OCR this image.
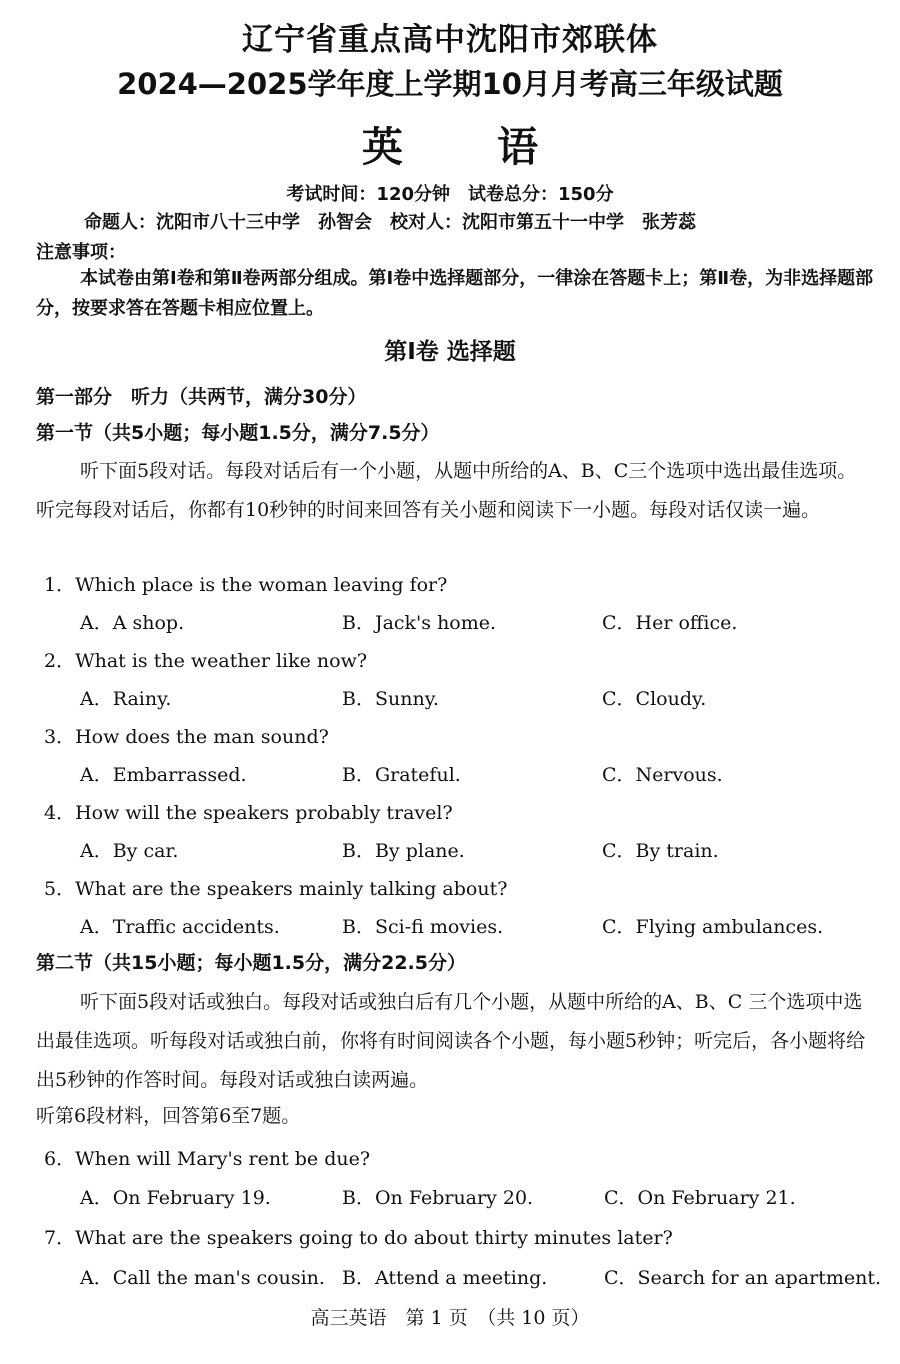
辽宁省重点高中沈阳市郊联体
2024—2025学年度上学期10月月考高三年级试题
英 语
考试时间：120分钟　试卷总分：150分
命题人：沈阳市八十三中学　孙智会　校对人：沈阳市第五十一中学　张芳蕊
注意事项：
本试卷由第Ⅰ卷和第Ⅱ卷两部分组成。第Ⅰ卷中选择题部分，一律涂在答题卡上；第Ⅱ卷，为非选择题部分，按要求答在答题卡相应位置上。
第Ⅰ卷 选择题
第一部分　听力（共两节，满分30分）
第一节（共5小题；每小题1.5分，满分7.5分）
听下面5段对话。每段对话后有一个小题，从题中所给的A、B、C三个选项中选出最佳选项。听完每段对话后，你都有10秒钟的时间来回答有关小题和阅读下一小题。每段对话仅读一遍。
1．Which place is the woman leaving for?
A．A shop.	B．Jack's home.	C．Her office.
2．What is the weather like now?
A．Rainy.	B．Sunny.	C．Cloudy.
3．How does the man sound?
A．Embarrassed.	B．Grateful.	C．Nervous.
4．How will the speakers probably travel?
A．By car.	B．By plane.	C．By train.
5．What are the speakers mainly talking about?
A．Traffic accidents.	B．Sci-fi movies.	C．Flying ambulances.
第二节（共15小题；每小题1.5分，满分22.5分）
听下面5段对话或独白。每段对话或独白后有几个小题，从题中所给的A、B、C 三个选项中选出最佳选项。听每段对话或独白前，你将有时间阅读各个小题，每小题5秒钟；听完后，各小题将给出5秒钟的作答时间。每段对话或独白读两遍。
听第6段材料，回答第6至7题。
6．When will Mary's rent be due?
A．On February 19.	B．On February 20.	C．On February 21.
7．What are the speakers going to do about thirty minutes later?
A．Call the man's cousin. B．Attend a meeting.	C．Search for an apartment.
高三英语　第 1 页　（共 10 页）
